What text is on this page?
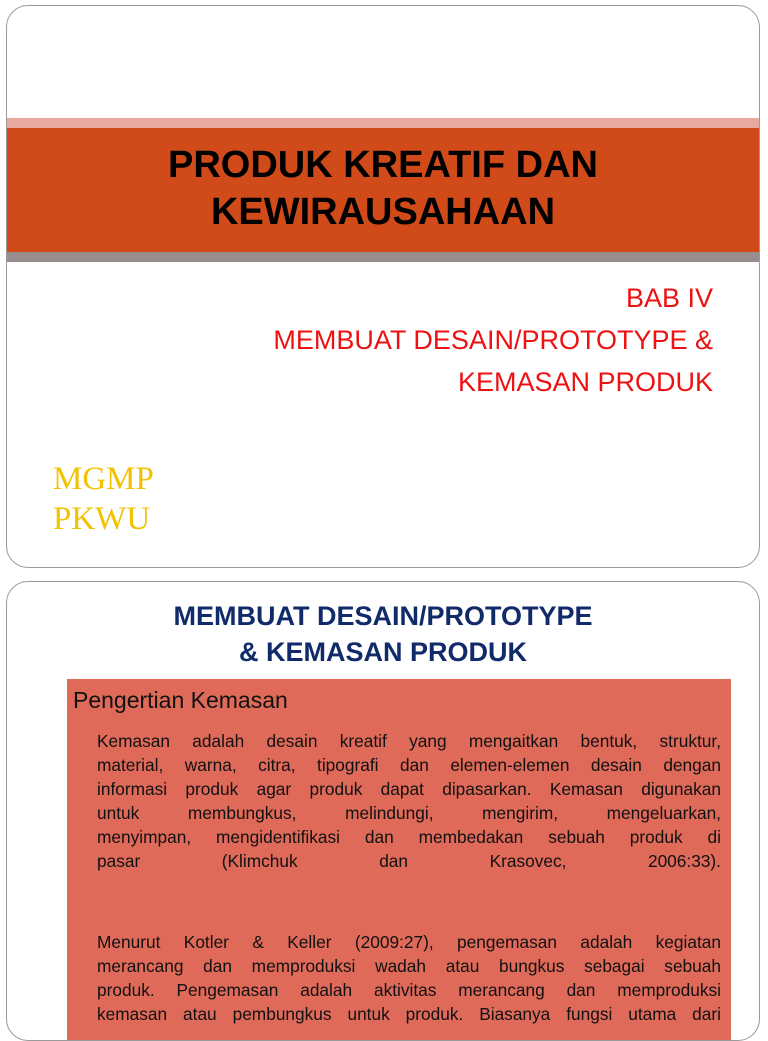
PRODUK KREATIF DAN
KEWIRAUSAHAAN
BAB IV
MEMBUAT DESAIN/PROTOTYPE &
KEMASAN PRODUK
MGMP
PKWU
MEMBUAT DESAIN/PROTOTYPE
& KEMASAN PRODUK
Pengertian Kemasan
Kemasan adalah desain kreatif yang mengaitkan bentuk, struktur,
material, warna, citra, tipografi dan elemen-elemen desain dengan
informasi produk agar produk dapat dipasarkan. Kemasan digunakan
untuk membungkus, melindungi, mengirim, mengeluarkan,
menyimpan, mengidentifikasi dan membedakan sebuah produk di
pasar (Klimchuk dan Krasovec, 2006:33).
Menurut Kotler & Keller (2009:27), pengemasan adalah kegiatan
merancang dan memproduksi wadah atau bungkus sebagai sebuah
produk. Pengemasan adalah aktivitas merancang dan memproduksi
kemasan atau pembungkus untuk produk. Biasanya fungsi utama dari
